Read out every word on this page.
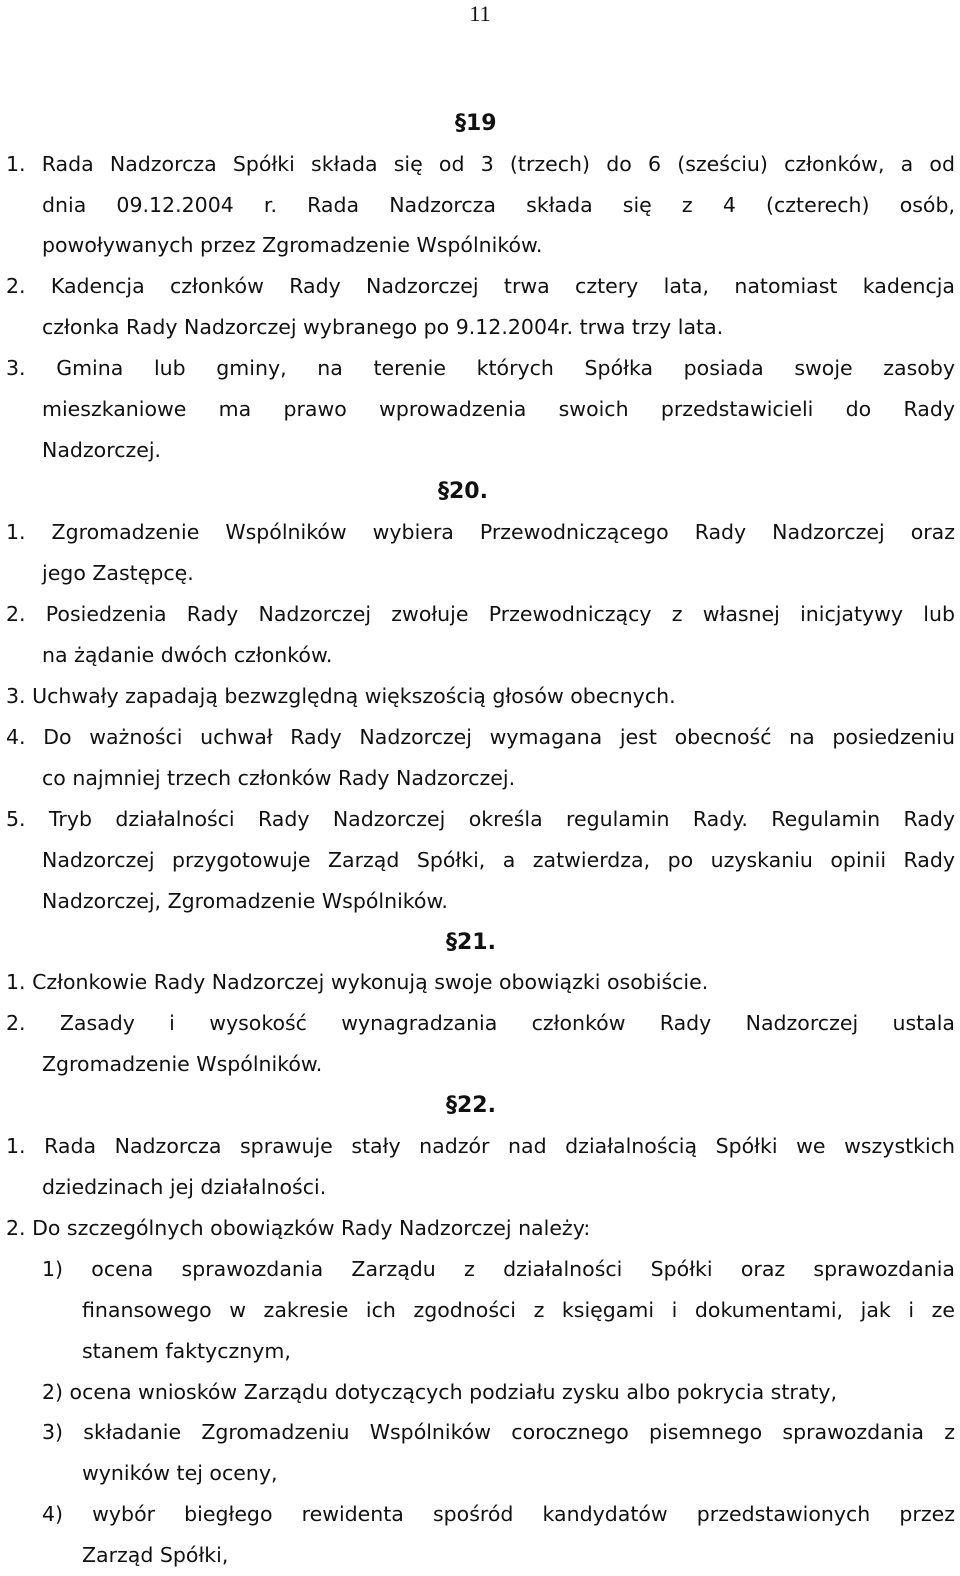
11
§19
1. Rada Nadzorcza Spółki składa się od 3 (trzech) do 6 (sześciu) członków, a od
dnia 09.12.2004 r. Rada Nadzorcza składa się z 4 (czterech) osób,
powoływanych przez Zgromadzenie Wspólników.
2. Kadencja członków Rady Nadzorczej trwa cztery lata, natomiast kadencja
członka Rady Nadzorczej wybranego po 9.12.2004r. trwa trzy lata.
3. Gmina lub gminy, na terenie których Spółka posiada swoje zasoby
mieszkaniowe ma prawo wprowadzenia swoich przedstawicieli do Rady
Nadzorczej.
§20.
1. Zgromadzenie Wspólników wybiera Przewodniczącego Rady Nadzorczej oraz
jego Zastępcę.
2. Posiedzenia Rady Nadzorczej zwołuje Przewodniczący z własnej inicjatywy lub
na żądanie dwóch członków.
3. Uchwały zapadają bezwzględną większością głosów obecnych.
4. Do ważności uchwał Rady Nadzorczej wymagana jest obecność na posiedzeniu
co najmniej trzech członków Rady Nadzorczej.
5. Tryb działalności Rady Nadzorczej określa regulamin Rady. Regulamin Rady
Nadzorczej przygotowuje Zarząd Spółki, a zatwierdza, po uzyskaniu opinii Rady
Nadzorczej, Zgromadzenie Wspólników.
§21.
1. Członkowie Rady Nadzorczej wykonują swoje obowiązki osobiście.
2. Zasady i wysokość wynagradzania członków Rady Nadzorczej ustala
Zgromadzenie Wspólników.
§22.
1. Rada Nadzorcza sprawuje stały nadzór nad działalnością Spółki we wszystkich
dziedzinach jej działalności.
2. Do szczególnych obowiązków Rady Nadzorczej należy:
1) ocena sprawozdania Zarządu z działalności Spółki oraz sprawozdania
finansowego w zakresie ich zgodności z księgami i dokumentami, jak i ze
stanem faktycznym,
2) ocena wniosków Zarządu dotyczących podziału zysku albo pokrycia straty,
3) składanie Zgromadzeniu Wspólników corocznego pisemnego sprawozdania z
wyników tej oceny,
4) wybór biegłego rewidenta spośród kandydatów przedstawionych przez
Zarząd Spółki,
